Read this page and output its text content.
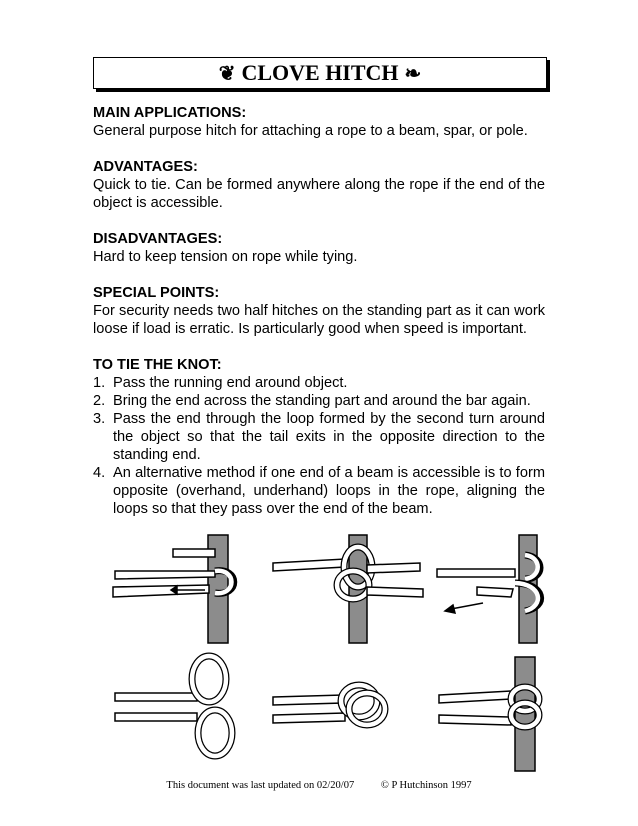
❦ CLOVE HITCH ❧
MAIN APPLICATIONS:
General purpose hitch for attaching a rope to a beam, spar, or pole.
ADVANTAGES:
Quick to tie. Can be formed anywhere along the rope if the end of the object is accessible.
DISADVANTAGES:
Hard to keep tension on rope while tying.
SPECIAL POINTS:
For security needs two half hitches on the standing part as it can work loose if load is erratic. Is particularly good when speed is important.
TO TIE THE KNOT:
1. Pass the running end around object.
2. Bring the end across the standing part and around the bar again.
3. Pass the end through the loop formed by the second turn around the object so that the tail exits in the opposite direction to the standing end.
4. An alternative method if one end of a beam is accessible is to form opposite (overhand, underhand) loops in the rope, aligning the loops so that they pass over the end of the beam.
This document was last updated on 02/20/07	© P Hutchinson 1997
